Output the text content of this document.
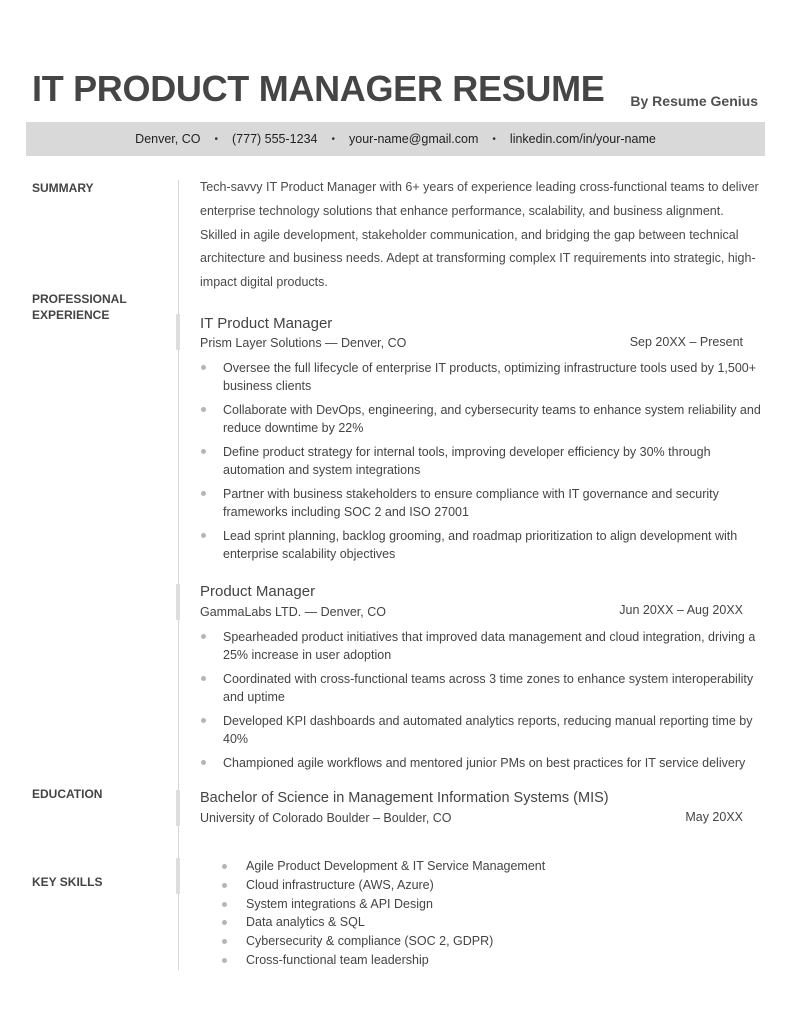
IT PRODUCT MANAGER RESUME By Resume Genius
Denver, CO • (777) 555-1234 • your-name@gmail.com • linkedin.com/in/your-name
SUMMARY
PROFESSIONAL
EXPERIENCE
EDUCATION
KEY SKILLS
Tech-savvy IT Product Manager with 6+ years of experience leading cross-functional teams to deliver enterprise technology solutions that enhance performance, scalability, and business alignment. Skilled in agile development, stakeholder communication, and bridging the gap between technical architecture and business needs. Adept at transforming complex IT requirements into strategic, high-impact digital products.
IT Product Manager
Prism Layer Solutions — Denver, CO	Sep 20XX – Present
Oversee the full lifecycle of enterprise IT products, optimizing infrastructure tools used by 1,500+ business clients
Collaborate with DevOps, engineering, and cybersecurity teams to enhance system reliability and reduce downtime by 22%
Define product strategy for internal tools, improving developer efficiency by 30% through automation and system integrations
Partner with business stakeholders to ensure compliance with IT governance and security frameworks including SOC 2 and ISO 27001
Lead sprint planning, backlog grooming, and roadmap prioritization to align development with enterprise scalability objectives
Product Manager
GammaLabs LTD. — Denver, CO	Jun 20XX – Aug 20XX
Spearheaded product initiatives that improved data management and cloud integration, driving a 25% increase in user adoption
Coordinated with cross-functional teams across 3 time zones to enhance system interoperability and uptime
Developed KPI dashboards and automated analytics reports, reducing manual reporting time by 40%
Championed agile workflows and mentored junior PMs on best practices for IT service delivery
Bachelor of Science in Management Information Systems (MIS)
University of Colorado Boulder – Boulder, CO	May 20XX
Agile Product Development & IT Service Management
Cloud infrastructure (AWS, Azure)
System integrations & API Design
Data analytics & SQL
Cybersecurity & compliance (SOC 2, GDPR)
Cross-functional team leadership
